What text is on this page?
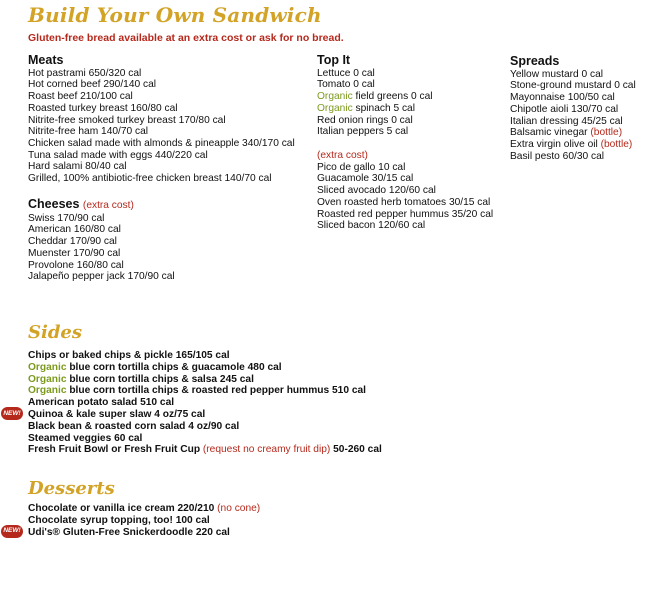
Build Your Own Sandwich
Gluten-free bread available at an extra cost or ask for no bread.
Meats
Hot pastrami 650/320 cal
Hot corned beef 290/140 cal
Roast beef 210/100 cal
Roasted turkey breast 160/80 cal
Nitrite-free smoked turkey breast 170/80 cal
Nitrite-free ham 140/70 cal
Chicken salad made with almonds & pineapple 340/170 cal
Tuna salad made with eggs 440/220 cal
Hard salami 80/40 cal
Grilled, 100% antibiotic-free chicken breast 140/70 cal
Cheeses (extra cost)
Swiss 170/90 cal
American 160/80 cal
Cheddar 170/90 cal
Muenster 170/90 cal
Provolone 160/80 cal
Jalapeño pepper jack 170/90 cal
Top It
Lettuce 0 cal
Tomato 0 cal
Organic field greens 0 cal
Organic spinach 5 cal
Red onion rings 0 cal
Italian peppers 5 cal
(extra cost)
Pico de gallo 10 cal
Guacamole 30/15 cal
Sliced avocado 120/60 cal
Oven roasted herb tomatoes 30/15 cal
Roasted red pepper hummus 35/20 cal
Sliced bacon 120/60 cal
Spreads
Yellow mustard 0 cal
Stone-ground mustard 0 cal
Mayonnaise 100/50 cal
Chipotle aioli 130/70 cal
Italian dressing 45/25 cal
Balsamic vinegar (bottle)
Extra virgin olive oil (bottle)
Basil pesto 60/30 cal
Sides
Chips or baked chips & pickle 165/105 cal
Organic blue corn tortilla chips & guacamole 480 cal
Organic blue corn tortilla chips & salsa 245 cal
Organic blue corn tortilla chips & roasted red pepper hummus 510 cal
American potato salad 510 cal
NEW! Quinoa & kale super slaw 4 oz/75 cal
Black bean & roasted corn salad 4 oz/90 cal
Steamed veggies 60 cal
Fresh Fruit Bowl or Fresh Fruit Cup (request no creamy fruit dip) 50-260 cal
Desserts
Chocolate or vanilla ice cream 220/210 (no cone)
Chocolate syrup topping, too! 100 cal
NEW! Udi's® Gluten-Free Snickerdoodle 220 cal
